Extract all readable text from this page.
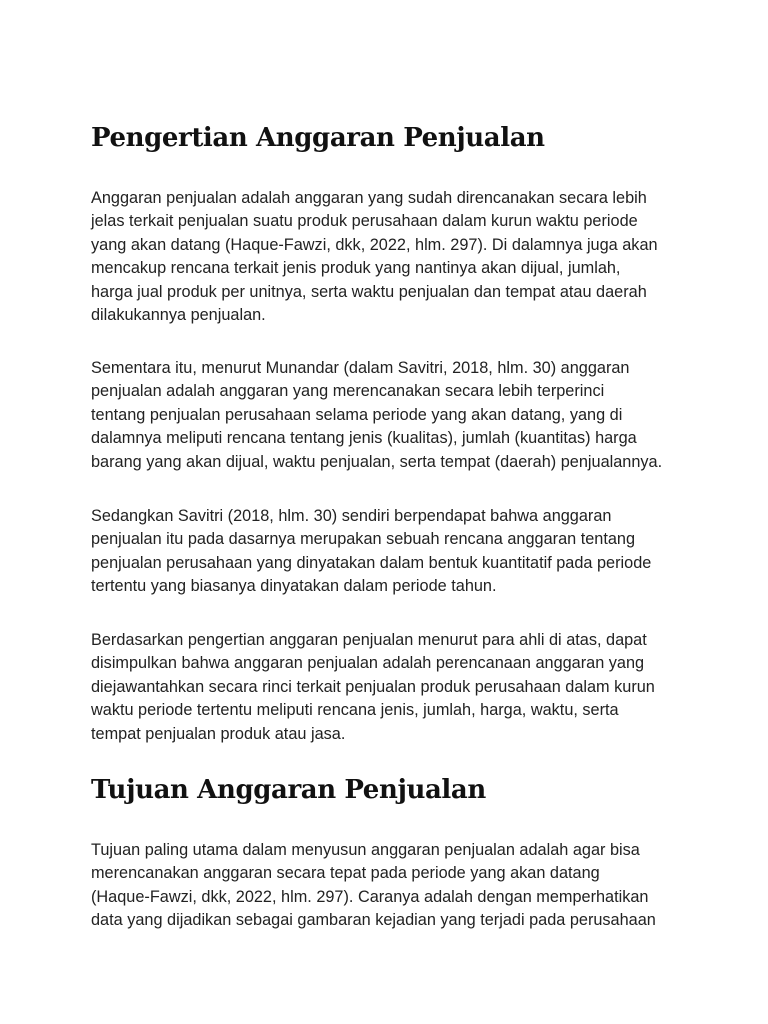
Pengertian Anggaran Penjualan

Anggaran penjualan adalah anggaran yang sudah direncanakan secara lebih
jelas terkait penjualan suatu produk perusahaan dalam kurun waktu periode
yang akan datang (Haque-Fawzi, dkk, 2022, hlm. 297). Di dalamnya juga akan
mencakup rencana terkait jenis produk yang nantinya akan dijual, jumlah,
harga jual produk per unitnya, serta waktu penjualan dan tempat atau daerah
dilakukannya penjualan.

Sementara itu, menurut Munandar (dalam Savitri, 2018, hlm. 30) anggaran
penjualan adalah anggaran yang merencanakan secara lebih terperinci
tentang penjualan perusahaan selama periode yang akan datang, yang di
dalamnya meliputi rencana tentang jenis (kualitas), jumlah (kuantitas) harga
barang yang akan dijual, waktu penjualan, serta tempat (daerah) penjualannya.

Sedangkan Savitri (2018, hlm. 30) sendiri berpendapat bahwa anggaran
penjualan itu pada dasarnya merupakan sebuah rencana anggaran tentang
penjualan perusahaan yang dinyatakan dalam bentuk kuantitatif pada periode
tertentu yang biasanya dinyatakan dalam periode tahun.

Berdasarkan pengertian anggaran penjualan menurut para ahli di atas, dapat
disimpulkan bahwa anggaran penjualan adalah perencanaan anggaran yang
diejawantahkan secara rinci terkait penjualan produk perusahaan dalam kurun
waktu periode tertentu meliputi rencana jenis, jumlah, harga, waktu, serta
tempat penjualan produk atau jasa.

Tujuan Anggaran Penjualan

Tujuan paling utama dalam menyusun anggaran penjualan adalah agar bisa
merencanakan anggaran secara tepat pada periode yang akan datang
(Haque-Fawzi, dkk, 2022, hlm. 297). Caranya adalah dengan memperhatikan
data yang dijadikan sebagai gambaran kejadian yang terjadi pada perusahaan
